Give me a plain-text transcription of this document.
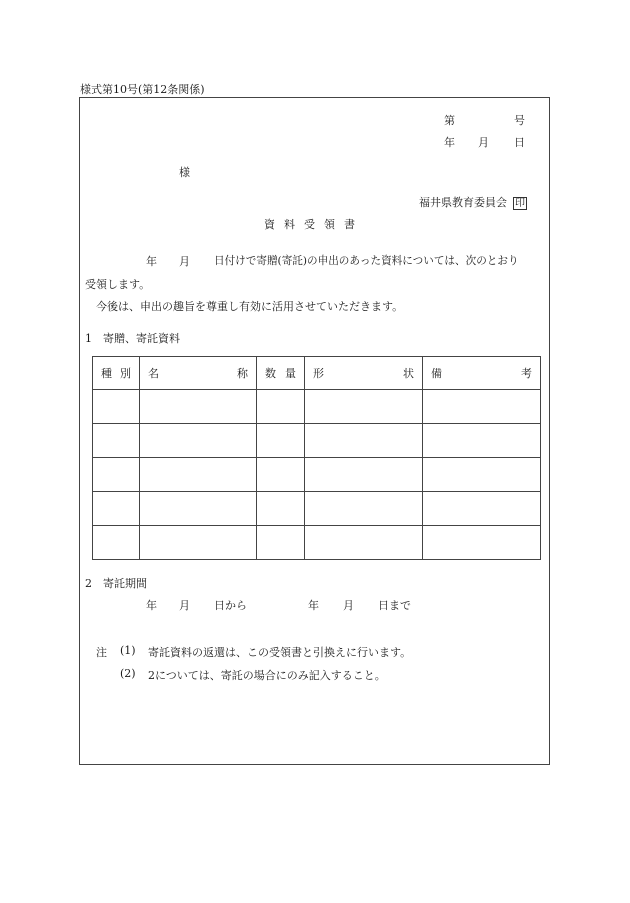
様式第10号(第12条関係)
第	号
年 月 日
様
福井県教育委員会 印
資料受領書
年 月 日付けで寄贈(寄託)の申出のあった資料については、次のとおり
受領します。
今後は、申出の趣旨を尊重し有効に活用させていただきます。
1　寄贈、寄託資料
種 別	名 称	数 量	形 状	備 考

2　寄託期間
年 月 日から	年 月 日まで
注 (1) 寄託資料の返還は、この受領書と引換えに行います。
(2) 2については、寄託の場合にのみ記入すること。
